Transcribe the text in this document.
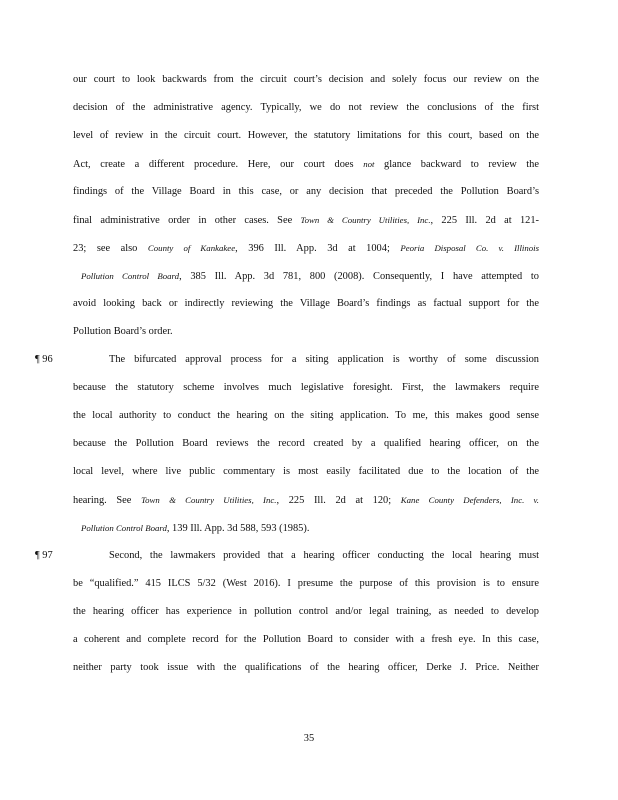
our court to look backwards from the circuit court’s decision and solely focus our review on the
decision of the administrative agency. Typically, we do not review the conclusions of the first
level of review in the circuit court. However, the statutory limitations for this court, based on the
Act, create a different procedure. Here, our court does not glance backward to review the
findings of the Village Board in this case, or any decision that preceded the Pollution Board’s
final administrative order in other cases. See Town & Country Utilities, Inc., 225 Ill. 2d at 121-
23; see also County of Kankakee, 396 Ill. App. 3d at 1004; Peoria Disposal Co. v. Illinois
Pollution Control Board, 385 Ill. App. 3d 781, 800 (2008). Consequently, I have attempted to
avoid looking back or indirectly reviewing the Village Board’s findings as factual support for the
Pollution Board’s order.
¶ 96	The bifurcated approval process for a siting application is worthy of some discussion
because the statutory scheme involves much legislative foresight. First, the lawmakers require
the local authority to conduct the hearing on the siting application. To me, this makes good sense
because the Pollution Board reviews the record created by a qualified hearing officer, on the
local level, where live public commentary is most easily facilitated due to the location of the
hearing. See Town & Country Utilities, Inc., 225 Ill. 2d at 120; Kane County Defenders, Inc. v.
Pollution Control Board, 139 Ill. App. 3d 588, 593 (1985).
¶ 97	Second, the lawmakers provided that a hearing officer conducting the local hearing must
be “qualified.” 415 ILCS 5/32 (West 2016). I presume the purpose of this provision is to ensure
the hearing officer has experience in pollution control and/or legal training, as needed to develop
a coherent and complete record for the Pollution Board to consider with a fresh eye. In this case,
neither party took issue with the qualifications of the hearing officer, Derke J. Price. Neither
35
